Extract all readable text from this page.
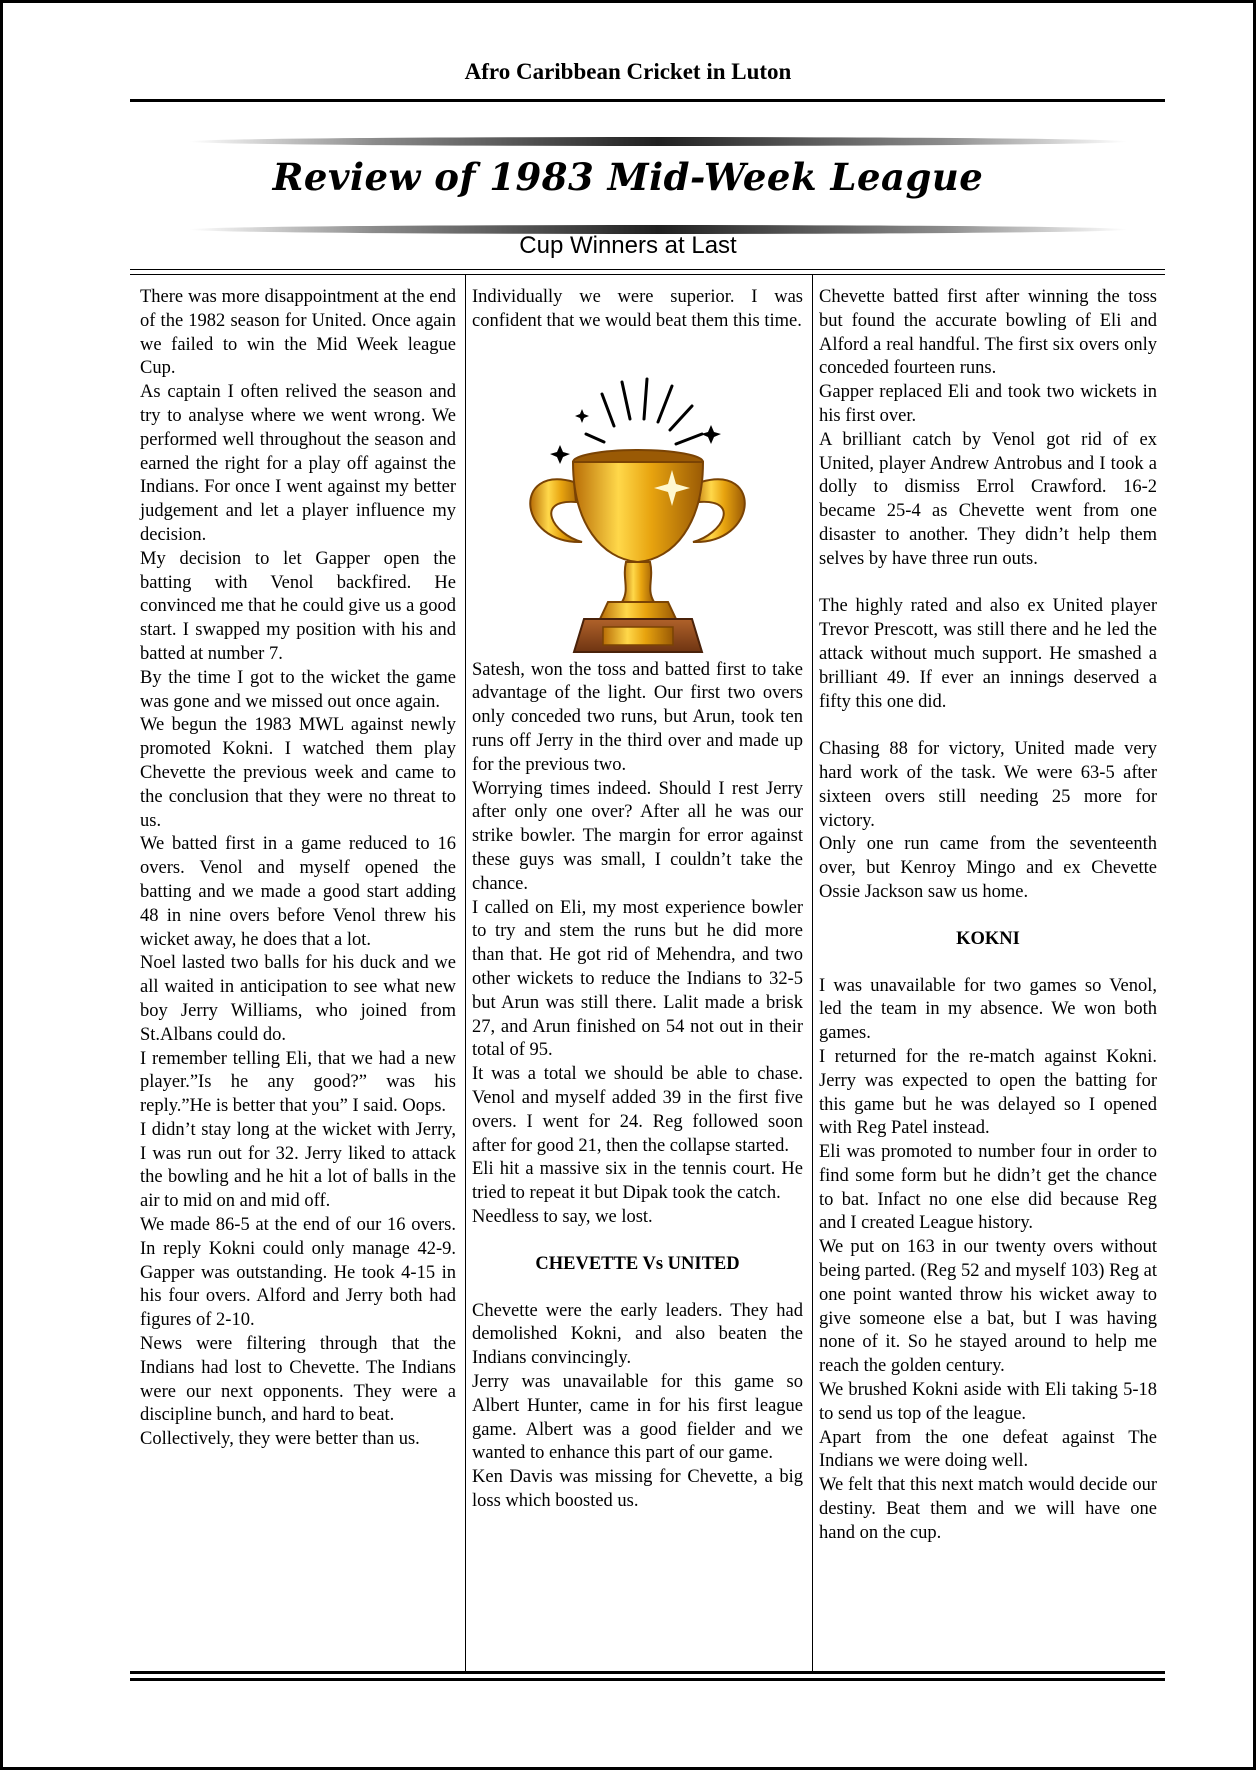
Afro Caribbean Cricket in Luton
Review of 1983 Mid-Week League
Cup Winners at Last

There was more disappointment at the end of the 1982 season for United. Once again we failed to win the Mid Week league Cup.

As captain I often relived the season and try to analyse where we went wrong. We performed well throughout the season and earned the right for a play off against the Indians. For once I went against my better judgement and let a player influence my decision.

My decision to let Gapper open the batting with Venol backfired. He convinced me that he could give us a good start. I swapped my position with his and batted at number 7.

By the time I got to the wicket the game was gone and we missed out once again.

We begun the 1983 MWL against newly promoted Kokni. I watched them play Chevette the previous week and came to the conclusion that they were no threat to us.

We batted first in a game reduced to 16 overs. Venol and myself opened the batting and we made a good start adding 48 in nine overs before Venol threw his wicket away, he does that a lot.

Noel lasted two balls for his duck and we all waited in anticipation to see what new boy Jerry Williams, who joined from St.Albans could do.

I remember telling Eli, that we had a new player.”Is he any good?” was his reply.”He is better that you” I said. Oops.

I didn’t stay long at the wicket with Jerry, I was run out for 32. Jerry liked to attack the bowling and he hit a lot of balls in the air to mid on and mid off.

We made 86-5 at the end of our 16 overs. In reply Kokni could only manage 42-9. Gapper was outstanding. He took 4-15 in his four overs. Alford and Jerry both had figures of 2-10.

News were filtering through that the Indians had lost to Chevette. The Indians were our next opponents. They were a discipline bunch, and hard to beat.

Collectively, they were better than us.

Individually we were superior. I was confident that we would beat them this time.

Satesh, won the toss and batted first to take advantage of the light. Our first two overs only conceded two runs, but Arun, took ten runs off Jerry in the third over and made up for the previous two.

Worrying times indeed. Should I rest Jerry after only one over? After all he was our strike bowler. The margin for error against these guys was small, I couldn’t take the chance.

I called on Eli, my most experience bowler to try and stem the runs but he did more than that. He got rid of Mehendra, and two other wickets to reduce the Indians to 32-5 but Arun was still there. Lalit made a brisk 27, and Arun finished on 54 not out in their total of 95.

It was a total we should be able to chase. Venol and myself added 39 in the first five overs. I went for 24. Reg followed soon after for good 21, then the collapse started.

Eli hit a massive six in the tennis court. He tried to repeat it but Dipak took the catch.

Needless to say, we lost.

CHEVETTE Vs UNITED

Chevette were the early leaders. They had demolished Kokni, and also beaten the Indians convincingly.

Jerry was unavailable for this game so Albert Hunter, came in for his first league game. Albert was a good fielder and we wanted to enhance this part of our game.

Ken Davis was missing for Chevette, a big loss which boosted us.

Chevette batted first after winning the toss but found the accurate bowling of Eli and Alford a real handful. The first six overs only conceded fourteen runs.

Gapper replaced Eli and took two wickets in his first over.

A brilliant catch by Venol got rid of ex United, player Andrew Antrobus and I took a dolly to dismiss Errol Crawford. 16-2 became 25-4 as Chevette went from one disaster to another. They didn’t help them selves by have three run outs.

The highly rated and also ex United player Trevor Prescott, was still there and he led the attack without much support. He smashed a brilliant 49. If ever an innings deserved a fifty this one did.

Chasing 88 for victory, United made very hard work of the task. We were 63-5 after sixteen overs still needing 25 more for victory.

Only one run came from the seventeenth over, but Kenroy Mingo and ex Chevette Ossie Jackson saw us home.

KOKNI

I was unavailable for two games so Venol, led the team in my absence. We won both games.

I returned for the re-match against Kokni. Jerry was expected to open the batting for this game but he was delayed so I opened with Reg Patel instead.

Eli was promoted to number four in order to find some form but he didn’t get the chance to bat. Infact no one else did because Reg and I created League history.

We put on 163 in our twenty overs without being parted. (Reg 52 and myself 103) Reg at one point wanted throw his wicket away to give someone else a bat, but I was having none of it. So he stayed around to help me reach the golden century.

We brushed Kokni aside with Eli taking 5-18 to send us top of the league.

Apart from the one defeat against The Indians we were doing well.

We felt that this next match would decide our destiny. Beat them and we will have one hand on the cup.
